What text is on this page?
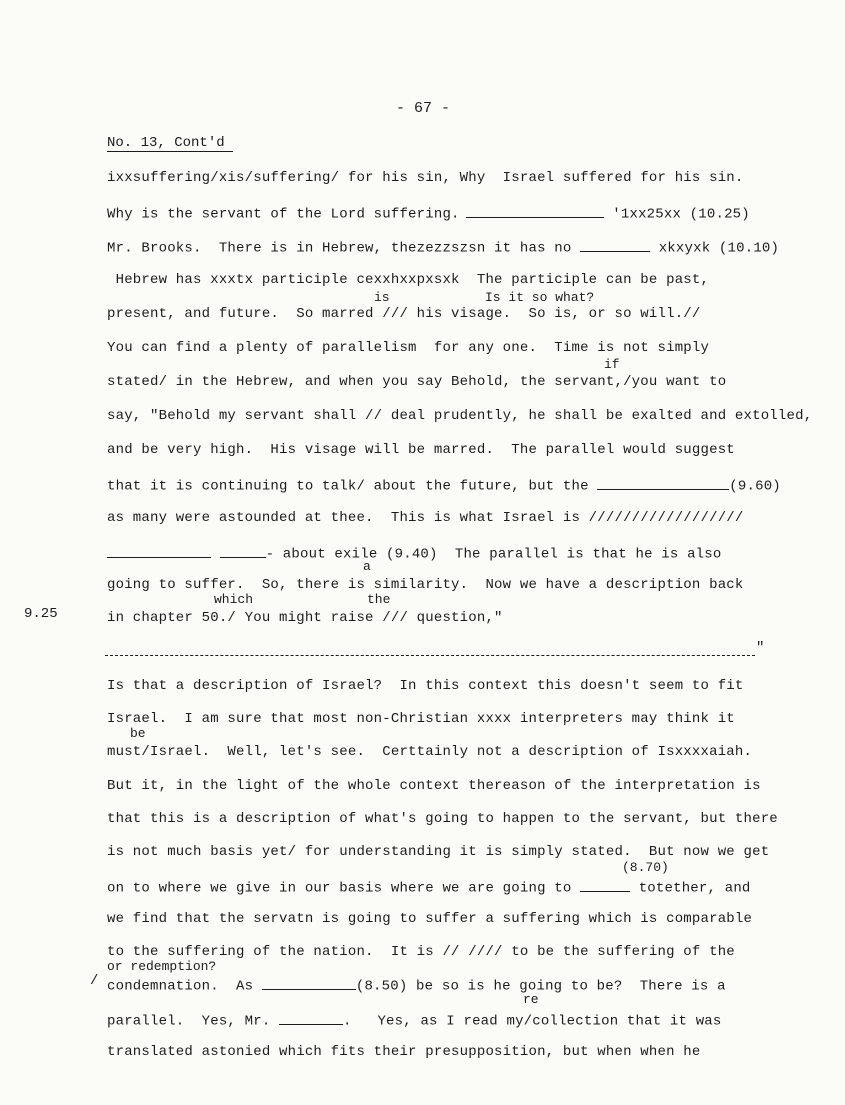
- 67 -
No. 13, Cont'd
is	Is it so what?
if
a
which	the
be
(8.70)
or redemption?
re
ixxsuffering/xis/suffering/ for his sin, Why  Israel suffered for his sin.
Why is the servant of the Lord suffering.	'1xx25xx (10.25)
Mr. Brooks.  There is in Hebrew, thezezzszsn it has no	xkxyxk (10.10)
Hebrew has xxxtx participle cexxhxxpxsxk  The participle can be past,
present, and future.  So marred /// his visage.  So is, or so will.//
You can find a plenty of parallelism  for any one.  Time is not simply
stated/ in the Hebrew, and when you say Behold, the servant,/you want to
say, "Behold my servant shall // deal prudently, he shall be exalted and extolled,
and be very high.  His visage will be marred.  The parallel would suggest
that it is continuing to talk/ about the future, but the	(9.60)
as many were astounded at thee.  This is what Israel is //////////////////
- about exile (9.40)  The parallel is that he is also
going to suffer.  So, there is similarity.  Now we have a description back
in chapter 50./ You might raise /// question,"
9.25
"
Is that a description of Israel?  In this context this doesn't seem to fit
Israel.  I am sure that most non-Christian xxxx interpreters may think it
must/Israel.  Well, let's see.  Certtainly not a description of Isxxxxaiah.
But it, in the light of the whole context thereason of the interpretation is
that this is a description of what's going to happen to the servant, but there
is not much basis yet/ for understanding it is simply stated.  But now we get
on to where we give in our basis where we are going to	totether, and
we find that the servatn is going to suffer a suffering which is comparable
to the suffering of the nation.  It is // //// to be the suffering of the
/ condemnation.  As	(8.50) be so is he going to be?  There is a
parallel.  Yes, Mr.	.   Yes, as I read my/collection that it was
translated astonied which fits their presupposition, but when when he
